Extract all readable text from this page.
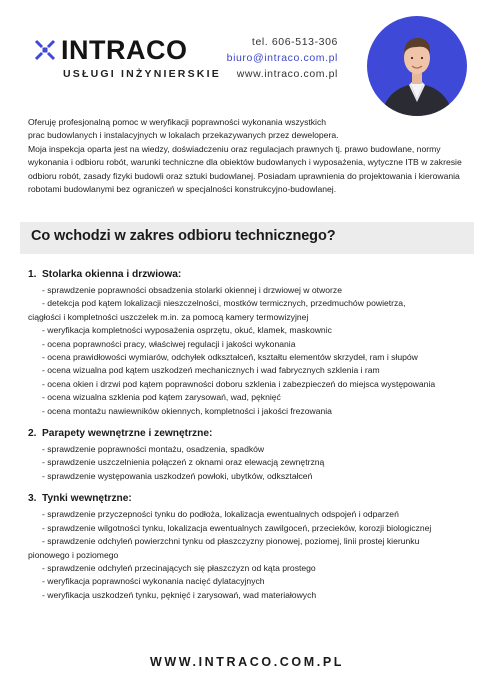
INTRACO
USŁUGI INŻYNIERSKIE
tel. 606-513-306
biuro@intraco.com.pl
www.intraco.com.pl

Oferuję profesjonalną pomoc w weryfikacji poprawności wykonania wszystkich

prac budowlanych i instalacyjnych w lokalach przekazywanych przez dewelopera.

Moja inspekcja oparta jest na wiedzy, doświadczeniu oraz regulacjach prawnych tj. prawo budowlane, normy

wykonania i odbioru robót, warunki techniczne dla obiektów budowlanych i wyposażenia, wytyczne ITB w zakresie

odbioru robót, zasady fizyki budowli oraz sztuki budowlanej. Posiadam uprawnienia do projektowania i kierowania

robotami budowlanymi bez ograniczeń w specjalności konstrukcyjno-budowlanej.

Co wchodzi w zakres odbioru technicznego?
1. Stolarka okienna i drzwiowa:
- sprawdzenie poprawności obsadzenia stolarki okiennej i drzwiowej w otworze
- detekcja pod kątem lokalizacji nieszczelności, mostków termicznych, przedmuchów powietrza,
ciągłości i kompletności uszczelek m.in. za pomocą kamery termowizyjnej
- weryfikacja kompletności wyposażenia osprzętu, okuć, klamek, maskownic
- ocena poprawności pracy, właściwej regulacji i jakości wykonania
- ocena prawidłowości wymiarów, odchyłek odkształceń, kształtu elementów skrzydeł, ram i słupów
- ocena wizualna pod kątem uszkodzeń mechanicznych i wad fabrycznych szklenia i ram
- ocena okien i drzwi pod kątem poprawności doboru szklenia i zabezpieczeń do miejsca występowania
- ocena wizualna szklenia pod kątem zarysowań, wad, pęknięć
- ocena montażu nawiewników okiennych, kompletności i jakości frezowania
2. Parapety wewnętrzne i zewnętrzne:
- sprawdzenie poprawności montażu, osadzenia, spadków
- sprawdzenie uszczelnienia połączeń z oknami oraz elewacją zewnętrzną
- sprawdzenie występowania uszkodzeń powłoki, ubytków, odkształceń
3. Tynki wewnętrzne:
- sprawdzenie przyczepności tynku do podłoża, lokalizacja ewentualnych odspojeń i odparzeń
- sprawdzenie wilgotności tynku, lokalizacja ewentualnych zawilgoceń, przecieków, korozji biologicznej
- sprawdzenie odchyleń powierzchni tynku od płaszczyzny pionowej, poziomej, linii prostej kierunku
pionowego i poziomego
- sprawdzenie odchyleń przecinających się płaszczyzn od kąta prostego
- weryfikacja poprawności wykonania nacięć dylatacyjnych
- weryfikacja uszkodzeń tynku, pęknięć i zarysowań, wad materiałowych
WWW.INTRACO.COM.PL
